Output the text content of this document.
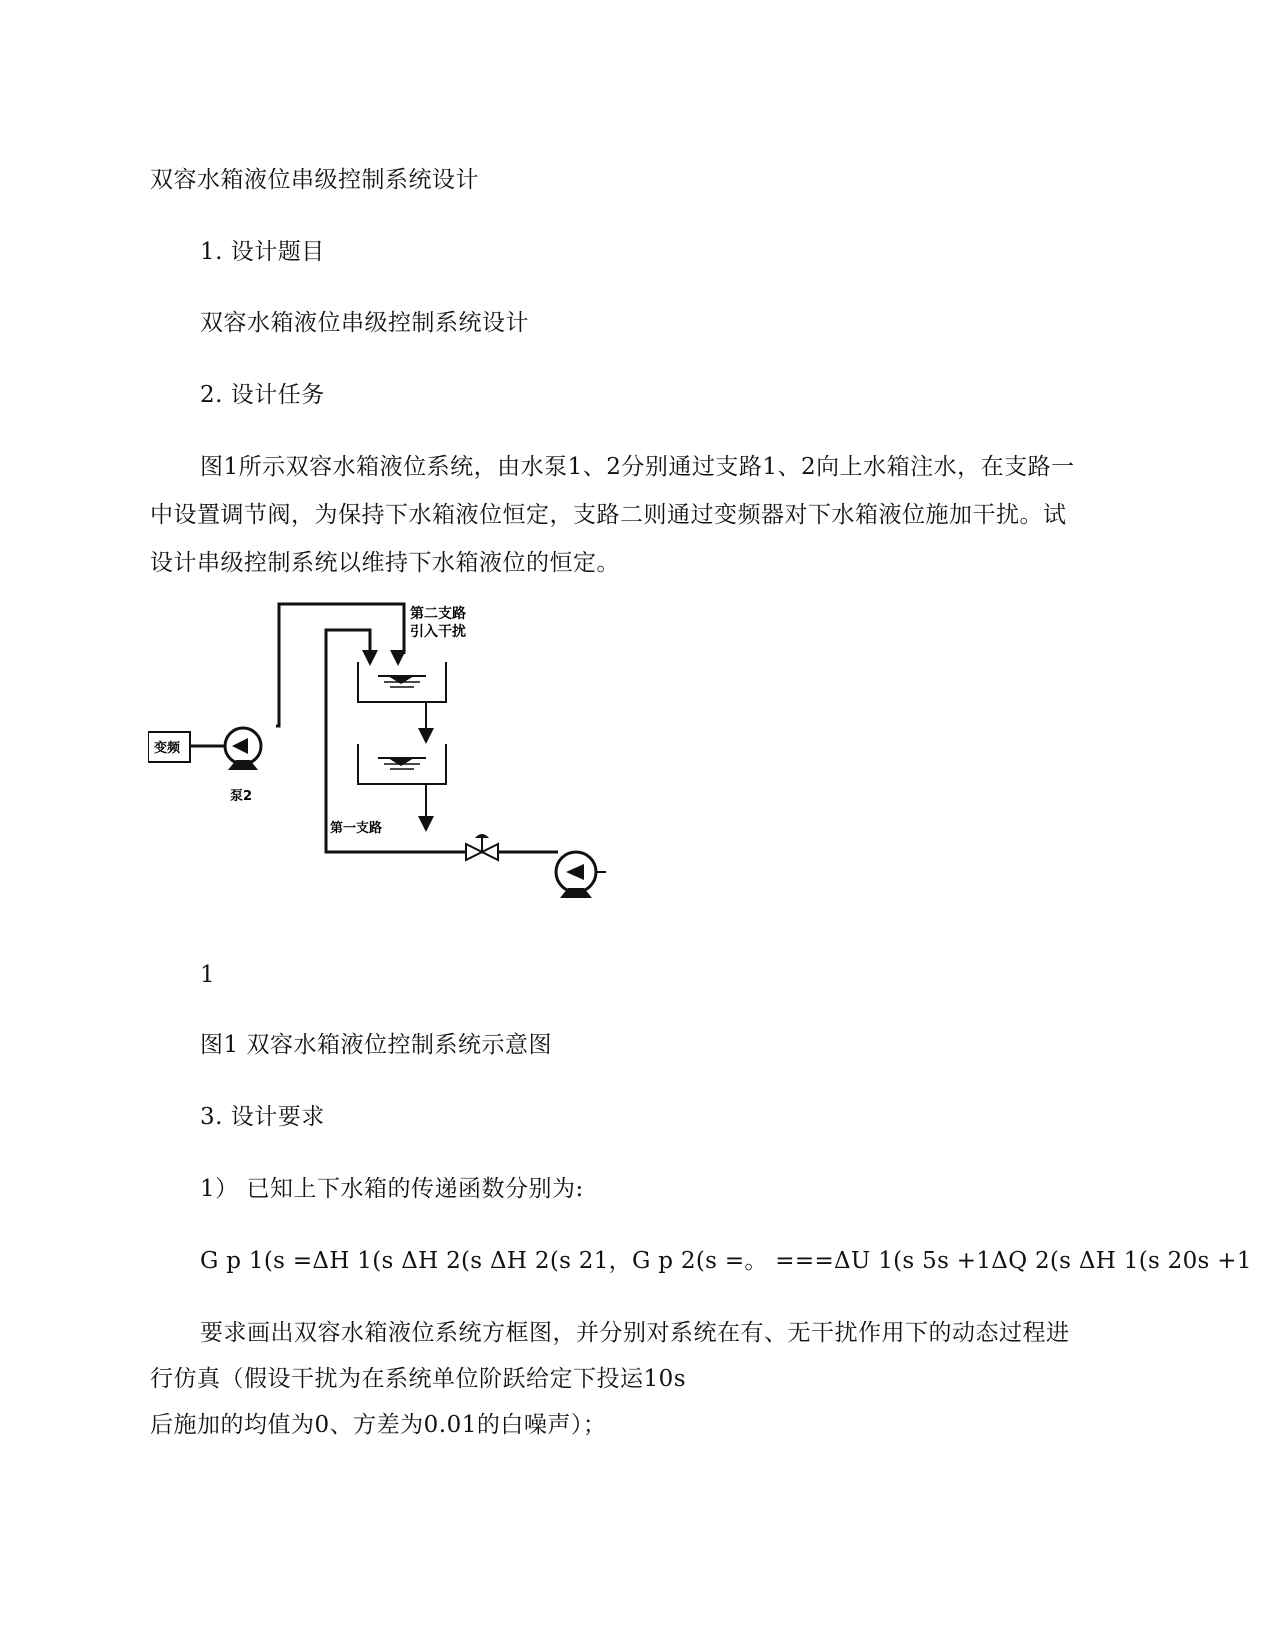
双容水箱液位串级控制系统设计
1. 设计题目
双容水箱液位串级控制系统设计
2. 设计任务
图1所示双容水箱液位系统，由水泵1、2分别通过支路1、2向上水箱注水，在支路一
中设置调节阀，为保持下水箱液位恒定，支路二则通过变频器对下水箱液位施加干扰。试
设计串级控制系统以维持下水箱液位的恒定。
第二支路
引入干扰
变频
泵2
第一支路
1
图1 双容水箱液位控制系统示意图
3. 设计要求
1） 已知上下水箱的传递函数分别为:
G p 1(s =ΔH 1(s ΔH 2(s ΔH 2(s 21，G p 2(s =。 ===ΔU 1(s 5s +1ΔQ 2(s ΔH 1(s 20s +1
要求画出双容水箱液位系统方框图，并分别对系统在有、无干扰作用下的动态过程进
行仿真（假设干扰为在系统单位阶跃给定下投运10s
后施加的均值为0、方差为0.01的白噪声）；
